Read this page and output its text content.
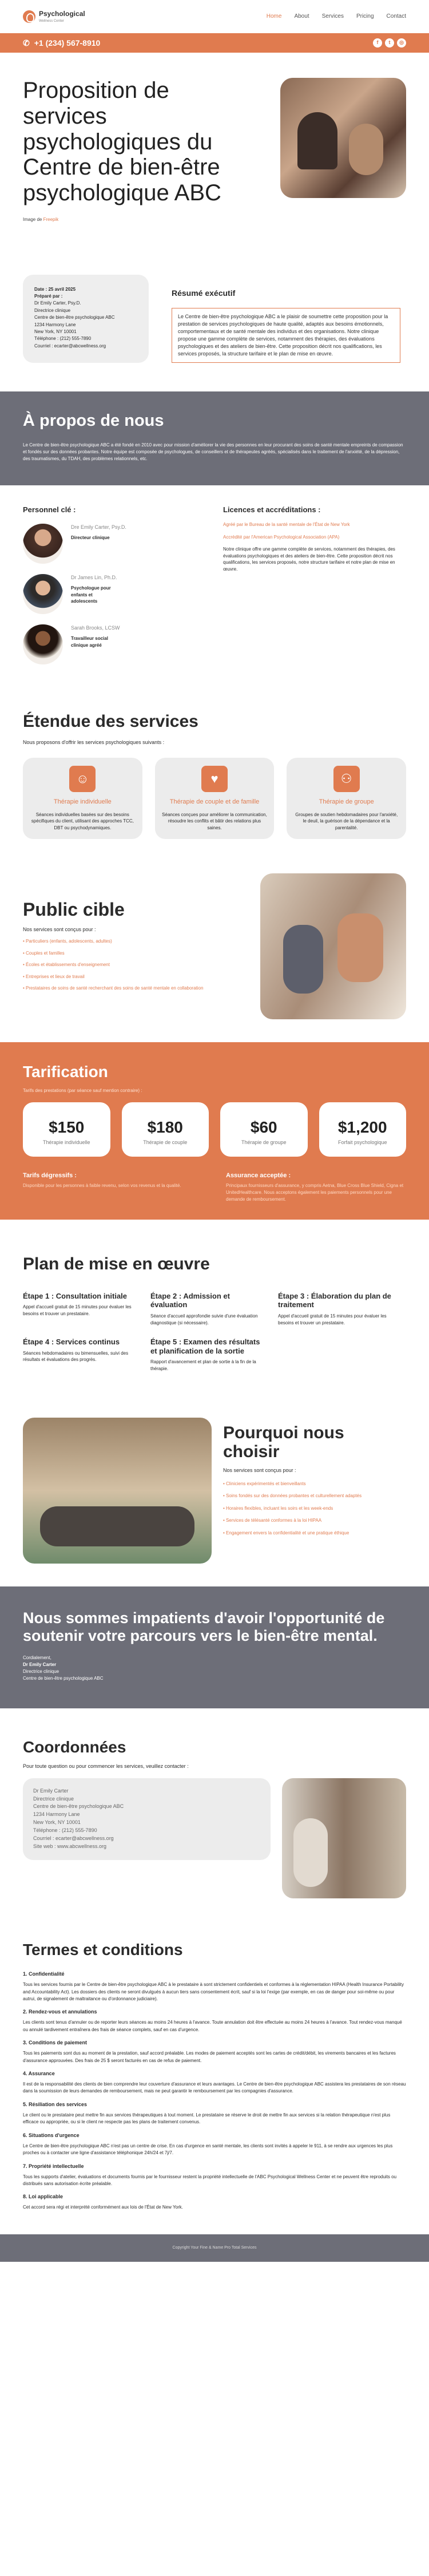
Psychological
Wellness Center
Home About Services Pricing Contact
✆ +1 (234) 567-8910	f	t	◎
Proposition de services psychologiques du Centre de bien-être psychologique ABC
Image de Freepik
Date : 25 avril 2025
Préparé par :
Dr Emily Carter, Psy.D.
Directrice clinique
Centre de bien-être psychologique ABC
1234 Harmony Lane
New York, NY 10001
Téléphone : (212) 555-7890
Courriel : ecarter@abcwellness.org
Résumé exécutif
Le Centre de bien-être psychologique ABC a le plaisir de soumettre cette proposition pour la prestation de services psychologiques de haute qualité, adaptés aux besoins émotionnels, comportementaux et de santé mentale des individus et des organisations. Notre clinique propose une gamme complète de services, notamment des thérapies, des évaluations psychologiques et des ateliers de bien-être. Cette proposition décrit nos qualifications, les services proposés, la structure tarifaire et le plan de mise en œuvre.
À propos de nous

Le Centre de bien-être psychologique ABC a été fondé en 2010 avec pour mission d'améliorer la vie des personnes en leur procurant des soins de santé mentale empreints de compassion et fondés sur des données probantes. Notre équipe est composée de psychologues, de conseillers et de thérapeutes agréés, spécialisés dans le traitement de l'anxiété, de la dépression, des traumatismes, du TDAH, des problèmes relationnels, etc.

Personnel clé :
Dre Emily Carter, Psy.D.
Directeur clinique
Dr James Lin, Ph.D.
Psychologue pour enfants et adolescents
Sarah Brooks, LCSW
Travailleur social clinique agréé
Licences et accréditations :

Agréé par le Bureau de la santé mentale de l'État de New York

Accrédité par l'American Psychological Association (APA)

Notre clinique offre une gamme complète de services, notamment des thérapies, des évaluations psychologiques et des ateliers de bien-être. Cette proposition décrit nos qualifications, les services proposés, notre structure tarifaire et notre plan de mise en œuvre.

Étendue des services

Nous proposons d'offrir les services psychologiques suivants :

☺
Thérapie individuelle
Séances individuelles basées sur des besoins spécifiques du client, utilisant des approches TCC, DBT ou psychodynamiques.
♥
Thérapie de couple et de famille
Séances conçues pour améliorer la communication, résoudre les conflits et bâtir des relations plus saines.
⚇
Thérapie de groupe
Groupes de soutien hebdomadaires pour l'anxiété, le deuil, la guérison de la dépendance et la parentalité.
Public cible

Nos services sont conçus pour :

• Particuliers (enfants, adolescents, adultes)
• Couples et familles
• Écoles et établissements d'enseignement
• Entreprises et lieux de travail
• Prestataires de soins de santé recherchant des soins de santé mentale en collaboration
Tarification

Tarifs des prestations (par séance sauf mention contraire) :

$150
Thérapie individuelle
$180
Thérapie de couple
$60
Thérapie de groupe
$1,200
Forfait psychologique
Tarifs dégressifs :

Disponible pour les personnes à faible revenu, selon vos revenus et la qualité.

Assurance acceptée :

Principaux fournisseurs d'assurance, y compris Aetna, Blue Cross Blue Shield, Cigna et UnitedHealthcare. Nous acceptons également les paiements personnels pour une demande de remboursement.

Plan de mise en œuvre
Étape 1 : Consultation initiale

Appel d'accueil gratuit de 15 minutes pour évaluer les besoins et trouver un prestataire.

Étape 2 : Admission et évaluation

Séance d'accueil approfondie suivie d'une évaluation diagnostique (si nécessaire).

Étape 3 : Élaboration du plan de traitement

Appel d'accueil gratuit de 15 minutes pour évaluer les besoins et trouver un prestataire.

Étape 4 : Services continus

Séances hebdomadaires ou bimensuelles, suivi des résultats et évaluations des progrès.

Étape 5 : Examen des résultats et planification de la sortie

Rapport d'avancement et plan de sortie à la fin de la thérapie.

Pourquoi nous choisir

Nos services sont conçus pour :

• Cliniciens expérimentés et bienveillants
• Soins fondés sur des données probantes et culturellement adaptés
• Horaires flexibles, incluant les soirs et les week-ends
• Services de télésanté conformes à la loi HIPAA
• Engagement envers la confidentialité et une pratique éthique
Nous sommes impatients d'avoir l'opportunité de soutenir votre parcours vers le bien-être mental.

Cordialement,

Dr Emily Carter

Directrice clinique

Centre de bien-être psychologique ABC

Coordonnées

Pour toute question ou pour commencer les services, veuillez contacter :

Dr Emily Carter
Directrice clinique
Centre de bien-être psychologique ABC
1234 Harmony Lane
New York, NY 10001
Téléphone : (212) 555-7890
Courriel : ecarter@abcwellness.org
Site web : www.abcwellness.org
Termes et conditions
1. Confidentialité

Tous les services fournis par le Centre de bien-être psychologique ABC à le prestataire à sont strictement confidentiels et conformes à la réglementation HIPAA (Health Insurance Portability and Accountability Act). Les dossiers des clients ne seront divulgués à aucun tiers sans consentement écrit, sauf si la loi l'exige (par exemple, en cas de danger pour soi-même ou pour autrui, de signalement de maltraitance ou d'ordonnance judiciaire).

2. Rendez-vous et annulations

Les clients sont tenus d'annuler ou de reporter leurs séances au moins 24 heures à l'avance. Toute annulation doit être effectuée au moins 24 heures à l'avance. Tout rendez-vous manqué ou annulé tardivement entraînera des frais de séance complets, sauf en cas d'urgence.

3. Conditions de paiement

Tous les paiements sont dus au moment de la prestation, sauf accord préalable. Les modes de paiement acceptés sont les cartes de crédit/débit, les virements bancaires et les factures d'assurance approuvées. Des frais de 25 $ seront facturés en cas de refus de paiement.

4. Assurance

Il est de la responsabilité des clients de bien comprendre leur couverture d'assurance et leurs avantages. Le Centre de bien-être psychologique ABC assistera les prestataires de son réseau dans la soumission de leurs demandes de remboursement, mais ne peut garantir le remboursement par les compagnies d'assurance.

5. Résiliation des services

Le client ou le prestataire peut mettre fin aux services thérapeutiques à tout moment. Le prestataire se réserve le droit de mettre fin aux services si la relation thérapeutique n'est plus efficace ou appropriée, ou si le client ne respecte pas les plans de traitement convenus.

6. Situations d'urgence

Le Centre de bien-être psychologique ABC n'est pas un centre de crise. En cas d'urgence en santé mentale, les clients sont invités à appeler le 911, à se rendre aux urgences les plus proches ou à contacter une ligne d'assistance téléphonique 24h/24 et 7j/7.

7. Propriété intellectuelle

Tous les supports d'atelier, évaluations et documents fournis par le fournisseur restent la propriété intellectuelle de l'ABC Psychological Wellness Center et ne peuvent être reproduits ou distribués sans autorisation écrite préalable.

8. Loi applicable

Cet accord sera régi et interprété conformément aux lois de l'État de New York.

Copyright Your Fine & Name Pro Total Services
